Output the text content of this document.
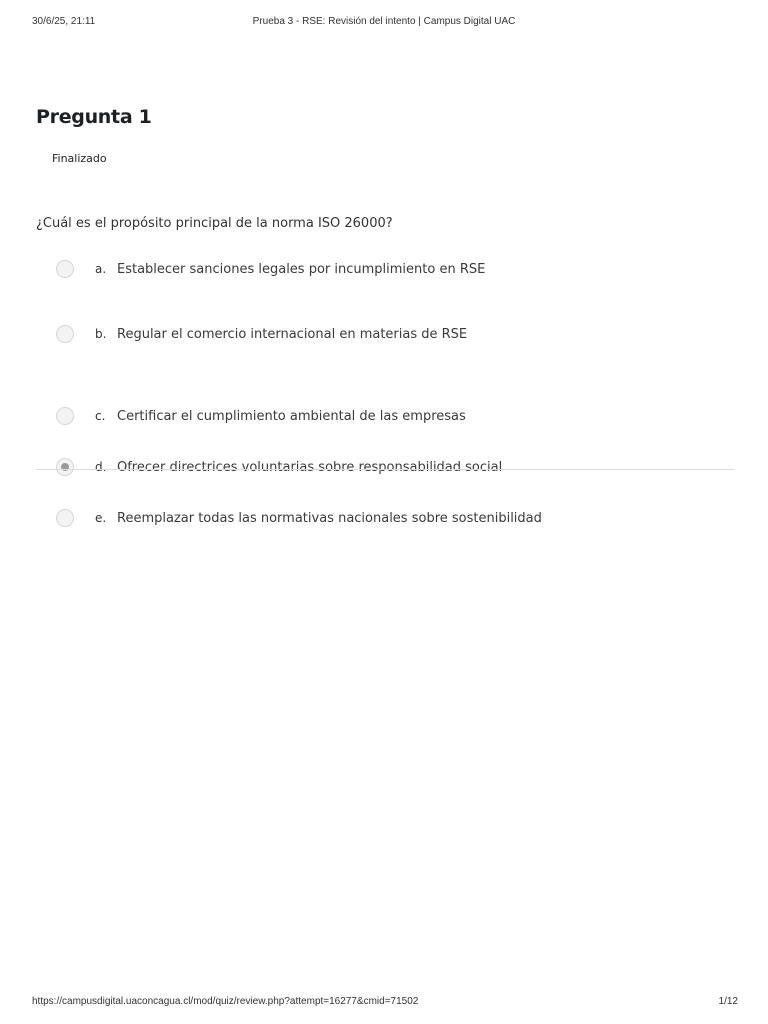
30/6/25, 21:11	Prueba 3 - RSE: Revisión del intento | Campus Digital UAC
Pregunta 1
Finalizado
¿Cuál es el propósito principal de la norma ISO 26000?
a. Establecer sanciones legales por incumplimiento en RSE
b. Regular el comercio internacional en materias de RSE
c. Certificar el cumplimiento ambiental de las empresas
d. Ofrecer directrices voluntarias sobre responsabilidad social
e. Reemplazar todas las normativas nacionales sobre sostenibilidad
https://campusdigital.uaconcagua.cl/mod/quiz/review.php?attempt=16277&cmid=71502	1/12
